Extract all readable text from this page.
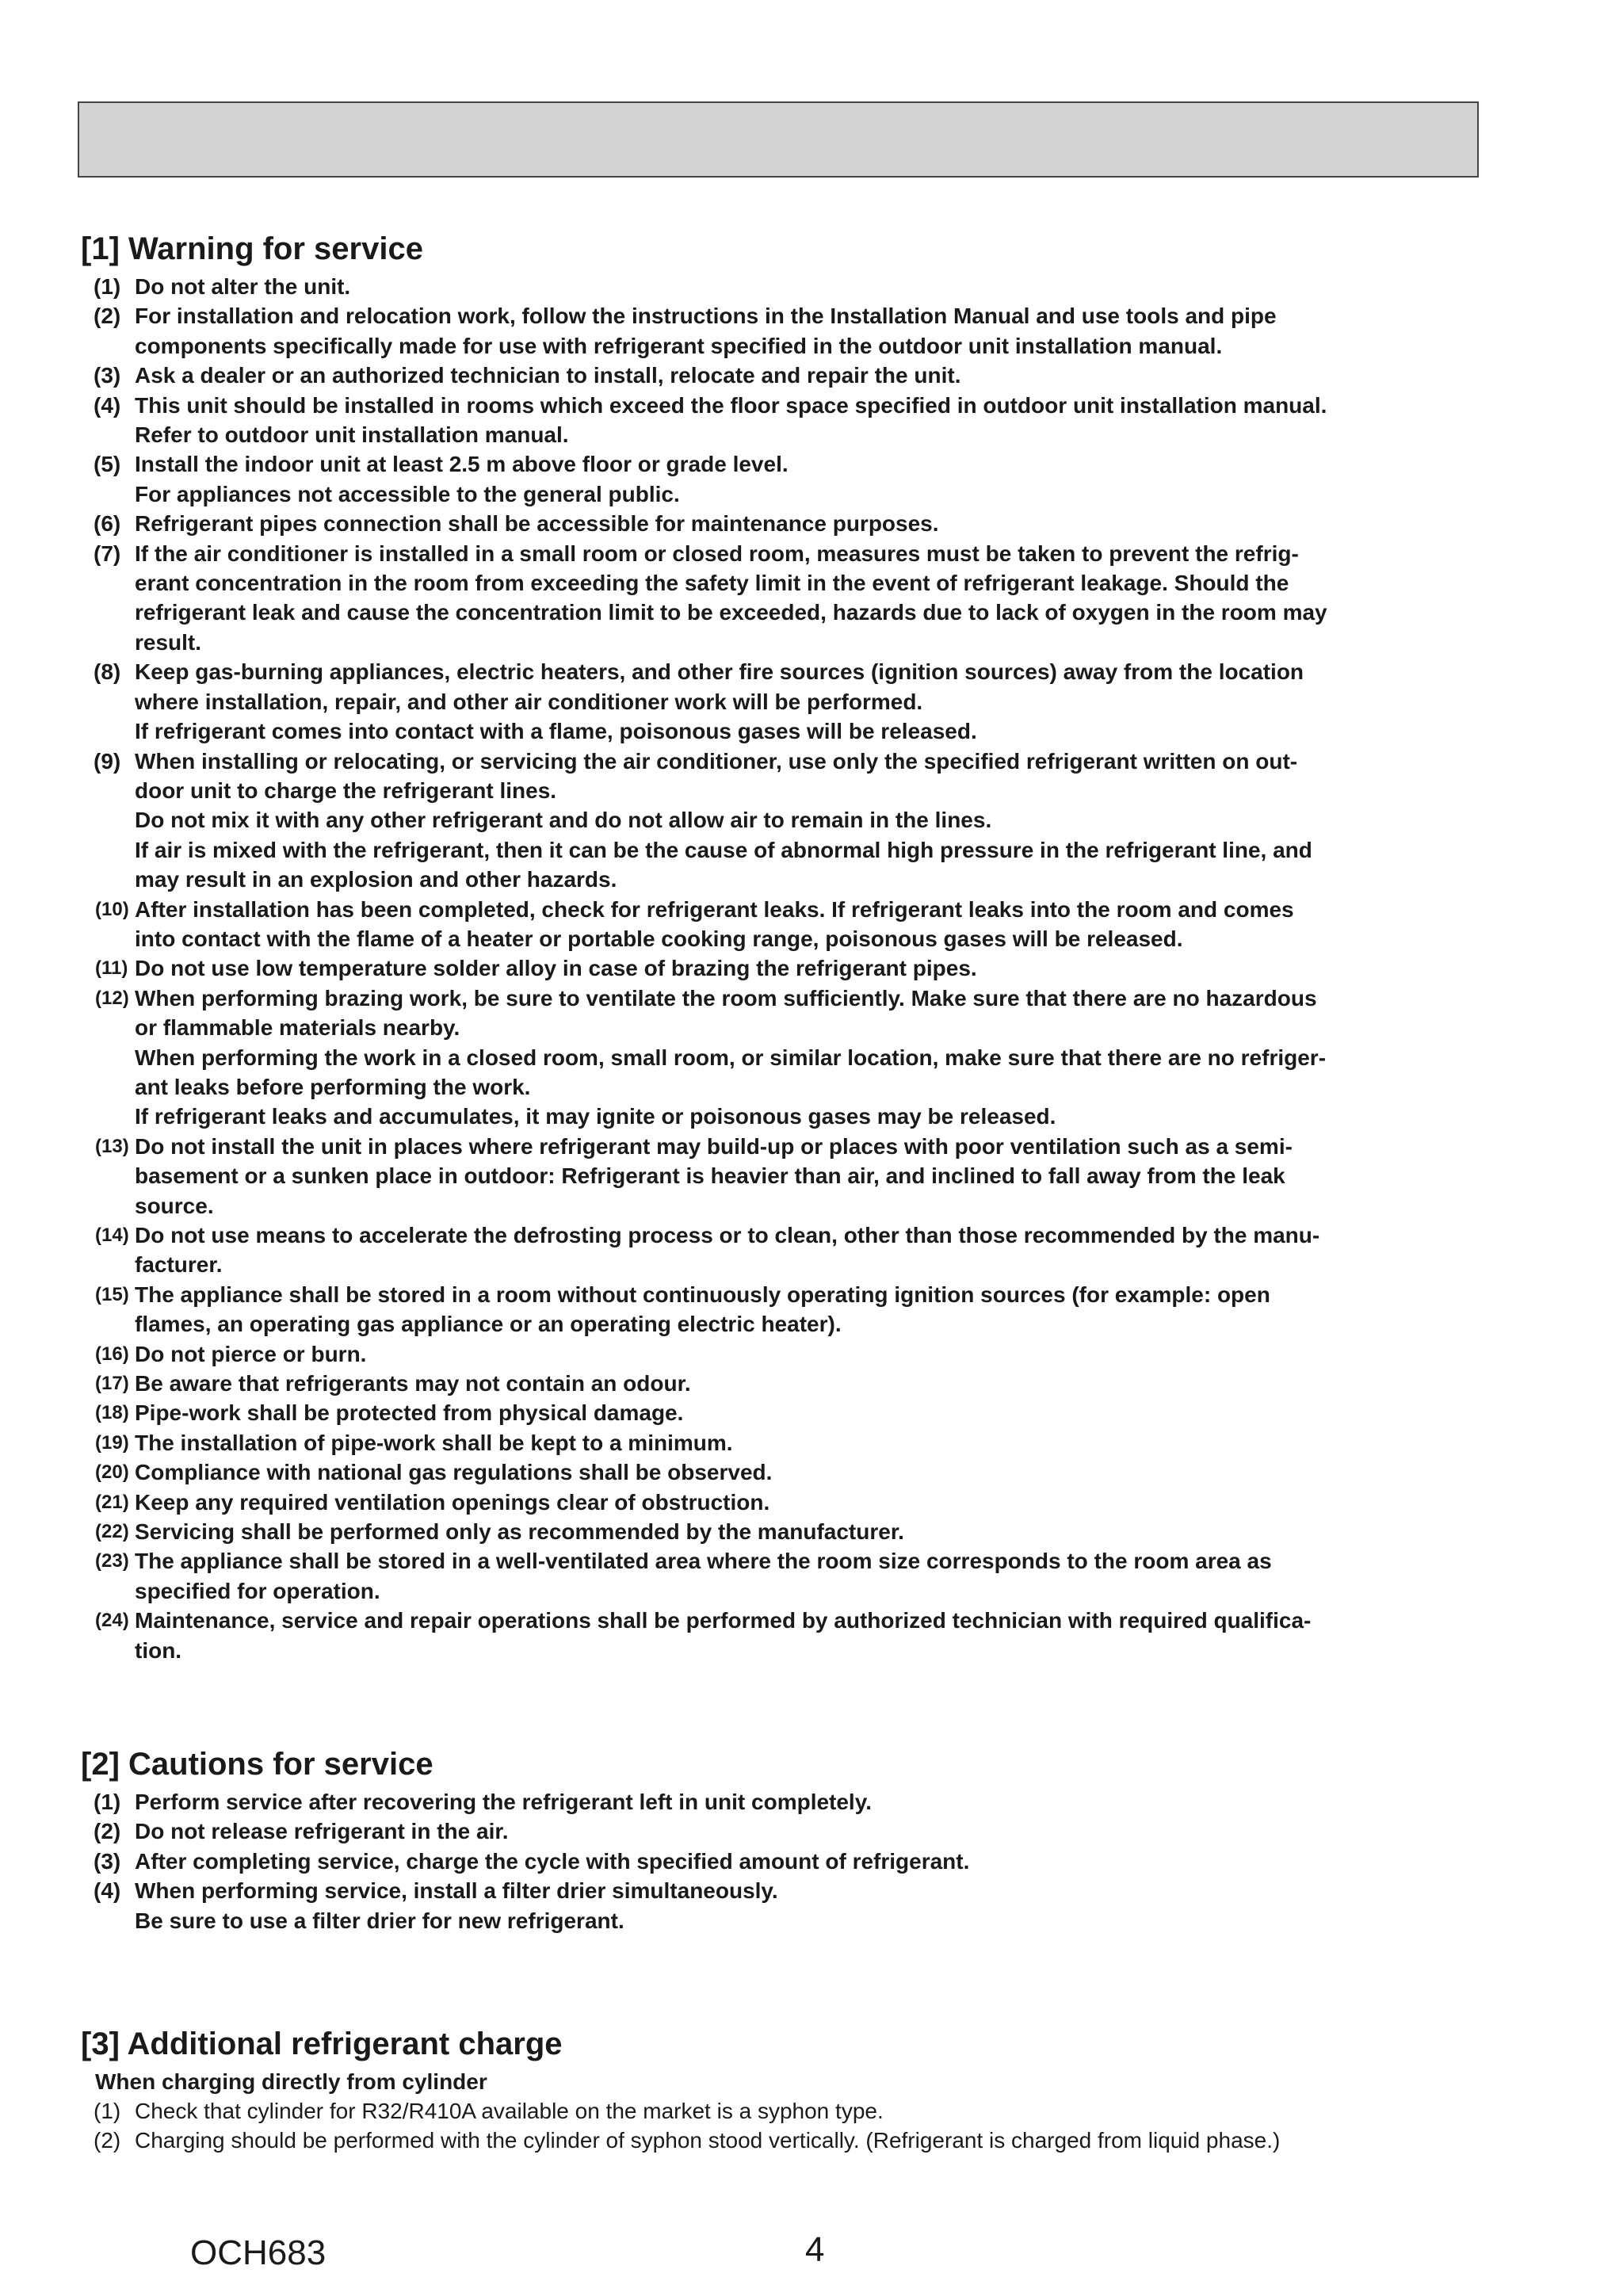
[1] Warning for service
(1) Do not alter the unit.
(2) For installation and relocation work, follow the instructions in the Installation Manual and use tools and pipe
components specifically made for use with refrigerant specified in the outdoor unit installation manual.
(3) Ask a dealer or an authorized technician to install, relocate and repair the unit.
(4) This unit should be installed in rooms which exceed the floor space specified in outdoor unit installation manual.
Refer to outdoor unit installation manual.
(5) Install the indoor unit at least 2.5 m above floor or grade level.
For appliances not accessible to the general public.
(6) Refrigerant pipes connection shall be accessible for maintenance purposes.
(7) If the air conditioner is installed in a small room or closed room, measures must be taken to prevent the refrig-
erant concentration in the room from exceeding the safety limit in the event of refrigerant leakage. Should the
refrigerant leak and cause the concentration limit to be exceeded, hazards due to lack of oxygen in the room may
result.
(8) Keep gas-burning appliances, electric heaters, and other fire sources (ignition sources) away from the location
where installation, repair, and other air conditioner work will be performed.
If refrigerant comes into contact with a flame, poisonous gases will be released.
(9) When installing or relocating, or servicing the air conditioner, use only the specified refrigerant written on out-
door unit to charge the refrigerant lines.
Do not mix it with any other refrigerant and do not allow air to remain in the lines.
If air is mixed with the refrigerant, then it can be the cause of abnormal high pressure in the refrigerant line, and
may result in an explosion and other hazards.
(10) After installation has been completed, check for refrigerant leaks. If refrigerant leaks into the room and comes
into contact with the flame of a heater or portable cooking range, poisonous gases will be released.
(11) Do not use low temperature solder alloy in case of brazing the refrigerant pipes.
(12) When performing brazing work, be sure to ventilate the room sufficiently. Make sure that there are no hazardous
or flammable materials nearby.
When performing the work in a closed room, small room, or similar location, make sure that there are no refriger-
ant leaks before performing the work.
If refrigerant leaks and accumulates, it may ignite or poisonous gases may be released.
(13) Do not install the unit in places where refrigerant may build-up or places with poor ventilation such as a semi-
basement or a sunken place in outdoor: Refrigerant is heavier than air, and inclined to fall away from the leak
source.
(14) Do not use means to accelerate the defrosting process or to clean, other than those recommended by the manu-
facturer.
(15) The appliance shall be stored in a room without continuously operating ignition sources (for example: open
flames, an operating gas appliance or an operating electric heater).
(16) Do not pierce or burn.
(17) Be aware that refrigerants may not contain an odour.
(18) Pipe-work shall be protected from physical damage.
(19) The installation of pipe-work shall be kept to a minimum.
(20) Compliance with national gas regulations shall be observed.
(21) Keep any required ventilation openings clear of obstruction.
(22) Servicing shall be performed only as recommended by the manufacturer.
(23) The appliance shall be stored in a well-ventilated area where the room size corresponds to the room area as
specified for operation.
(24) Maintenance, service and repair operations shall be performed by authorized technician with required qualifica-
tion.
[2] Cautions for service
(1) Perform service after recovering the refrigerant left in unit completely.
(2) Do not release refrigerant in the air.
(3) After completing service, charge the cycle with specified amount of refrigerant.
(4) When performing service, install a filter drier simultaneously.
Be sure to use a filter drier for new refrigerant.
[3] Additional refrigerant charge
When charging directly from cylinder
(1) Check that cylinder for R32/R410A available on the market is a syphon type.
(2) Charging should be performed with the cylinder of syphon stood vertically. (Refrigerant is charged from liquid phase.)
OCH683	4
